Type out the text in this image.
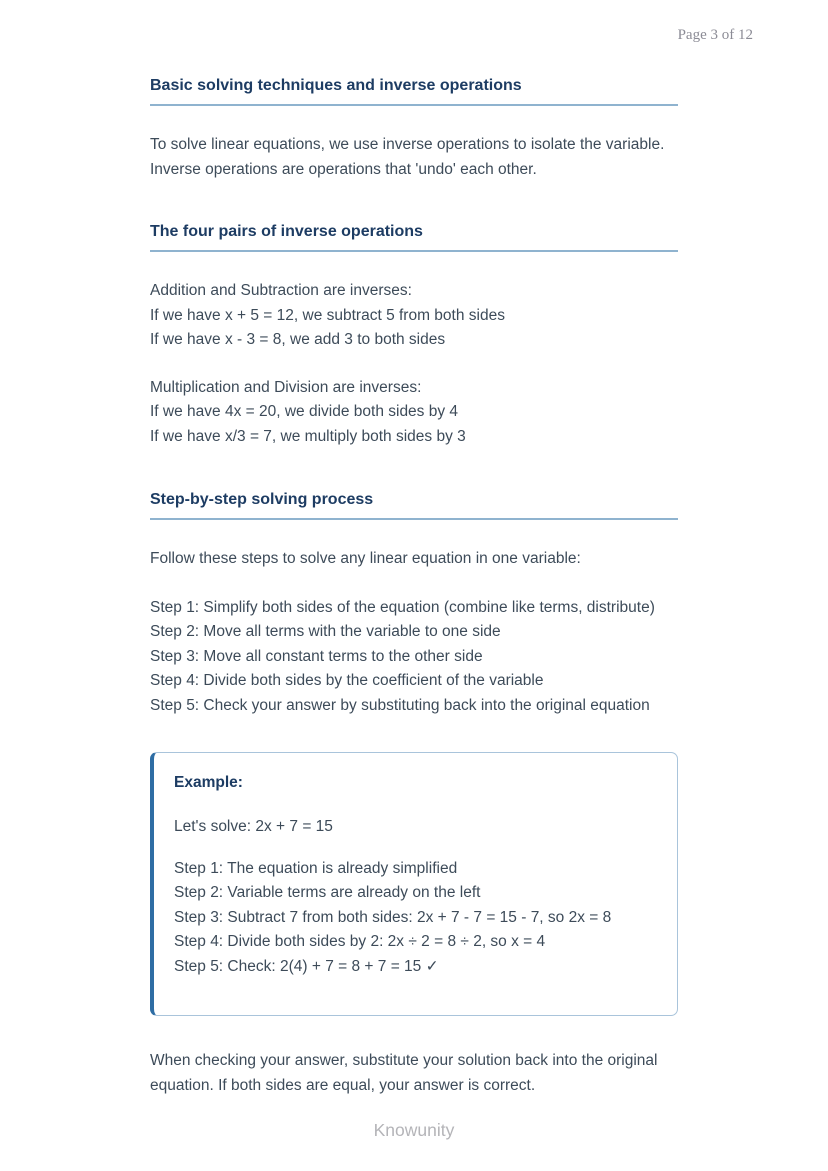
Page 3 of 12
Basic solving techniques and inverse operations

To solve linear equations, we use inverse operations to isolate the variable. Inverse operations are operations that 'undo' each other.

The four pairs of inverse operations
Addition and Subtraction are inverses:
If we have x + 5 = 12, we subtract 5 from both sides
If we have x - 3 = 8, we add 3 to both sides
Multiplication and Division are inverses:
If we have 4x = 20, we divide both sides by 4
If we have x/3 = 7, we multiply both sides by 3
Step-by-step solving process

Follow these steps to solve any linear equation in one variable:

Step 1: Simplify both sides of the equation (combine like terms, distribute)
Step 2: Move all terms with the variable to one side
Step 3: Move all constant terms to the other side
Step 4: Divide both sides by the coefficient of the variable
Step 5: Check your answer by substituting back into the original equation
Example:
Let's solve: 2x + 7 = 15
Step 1: The equation is already simplified
Step 2: Variable terms are already on the left
Step 3: Subtract 7 from both sides: 2x + 7 - 7 = 15 - 7, so 2x = 8
Step 4: Divide both sides by 2: 2x ÷ 2 = 8 ÷ 2, so x = 4
Step 5: Check: 2(4) + 7 = 8 + 7 = 15 ✓

When checking your answer, substitute your solution back into the original equation. If both sides are equal, your answer is correct.

Knowunity
